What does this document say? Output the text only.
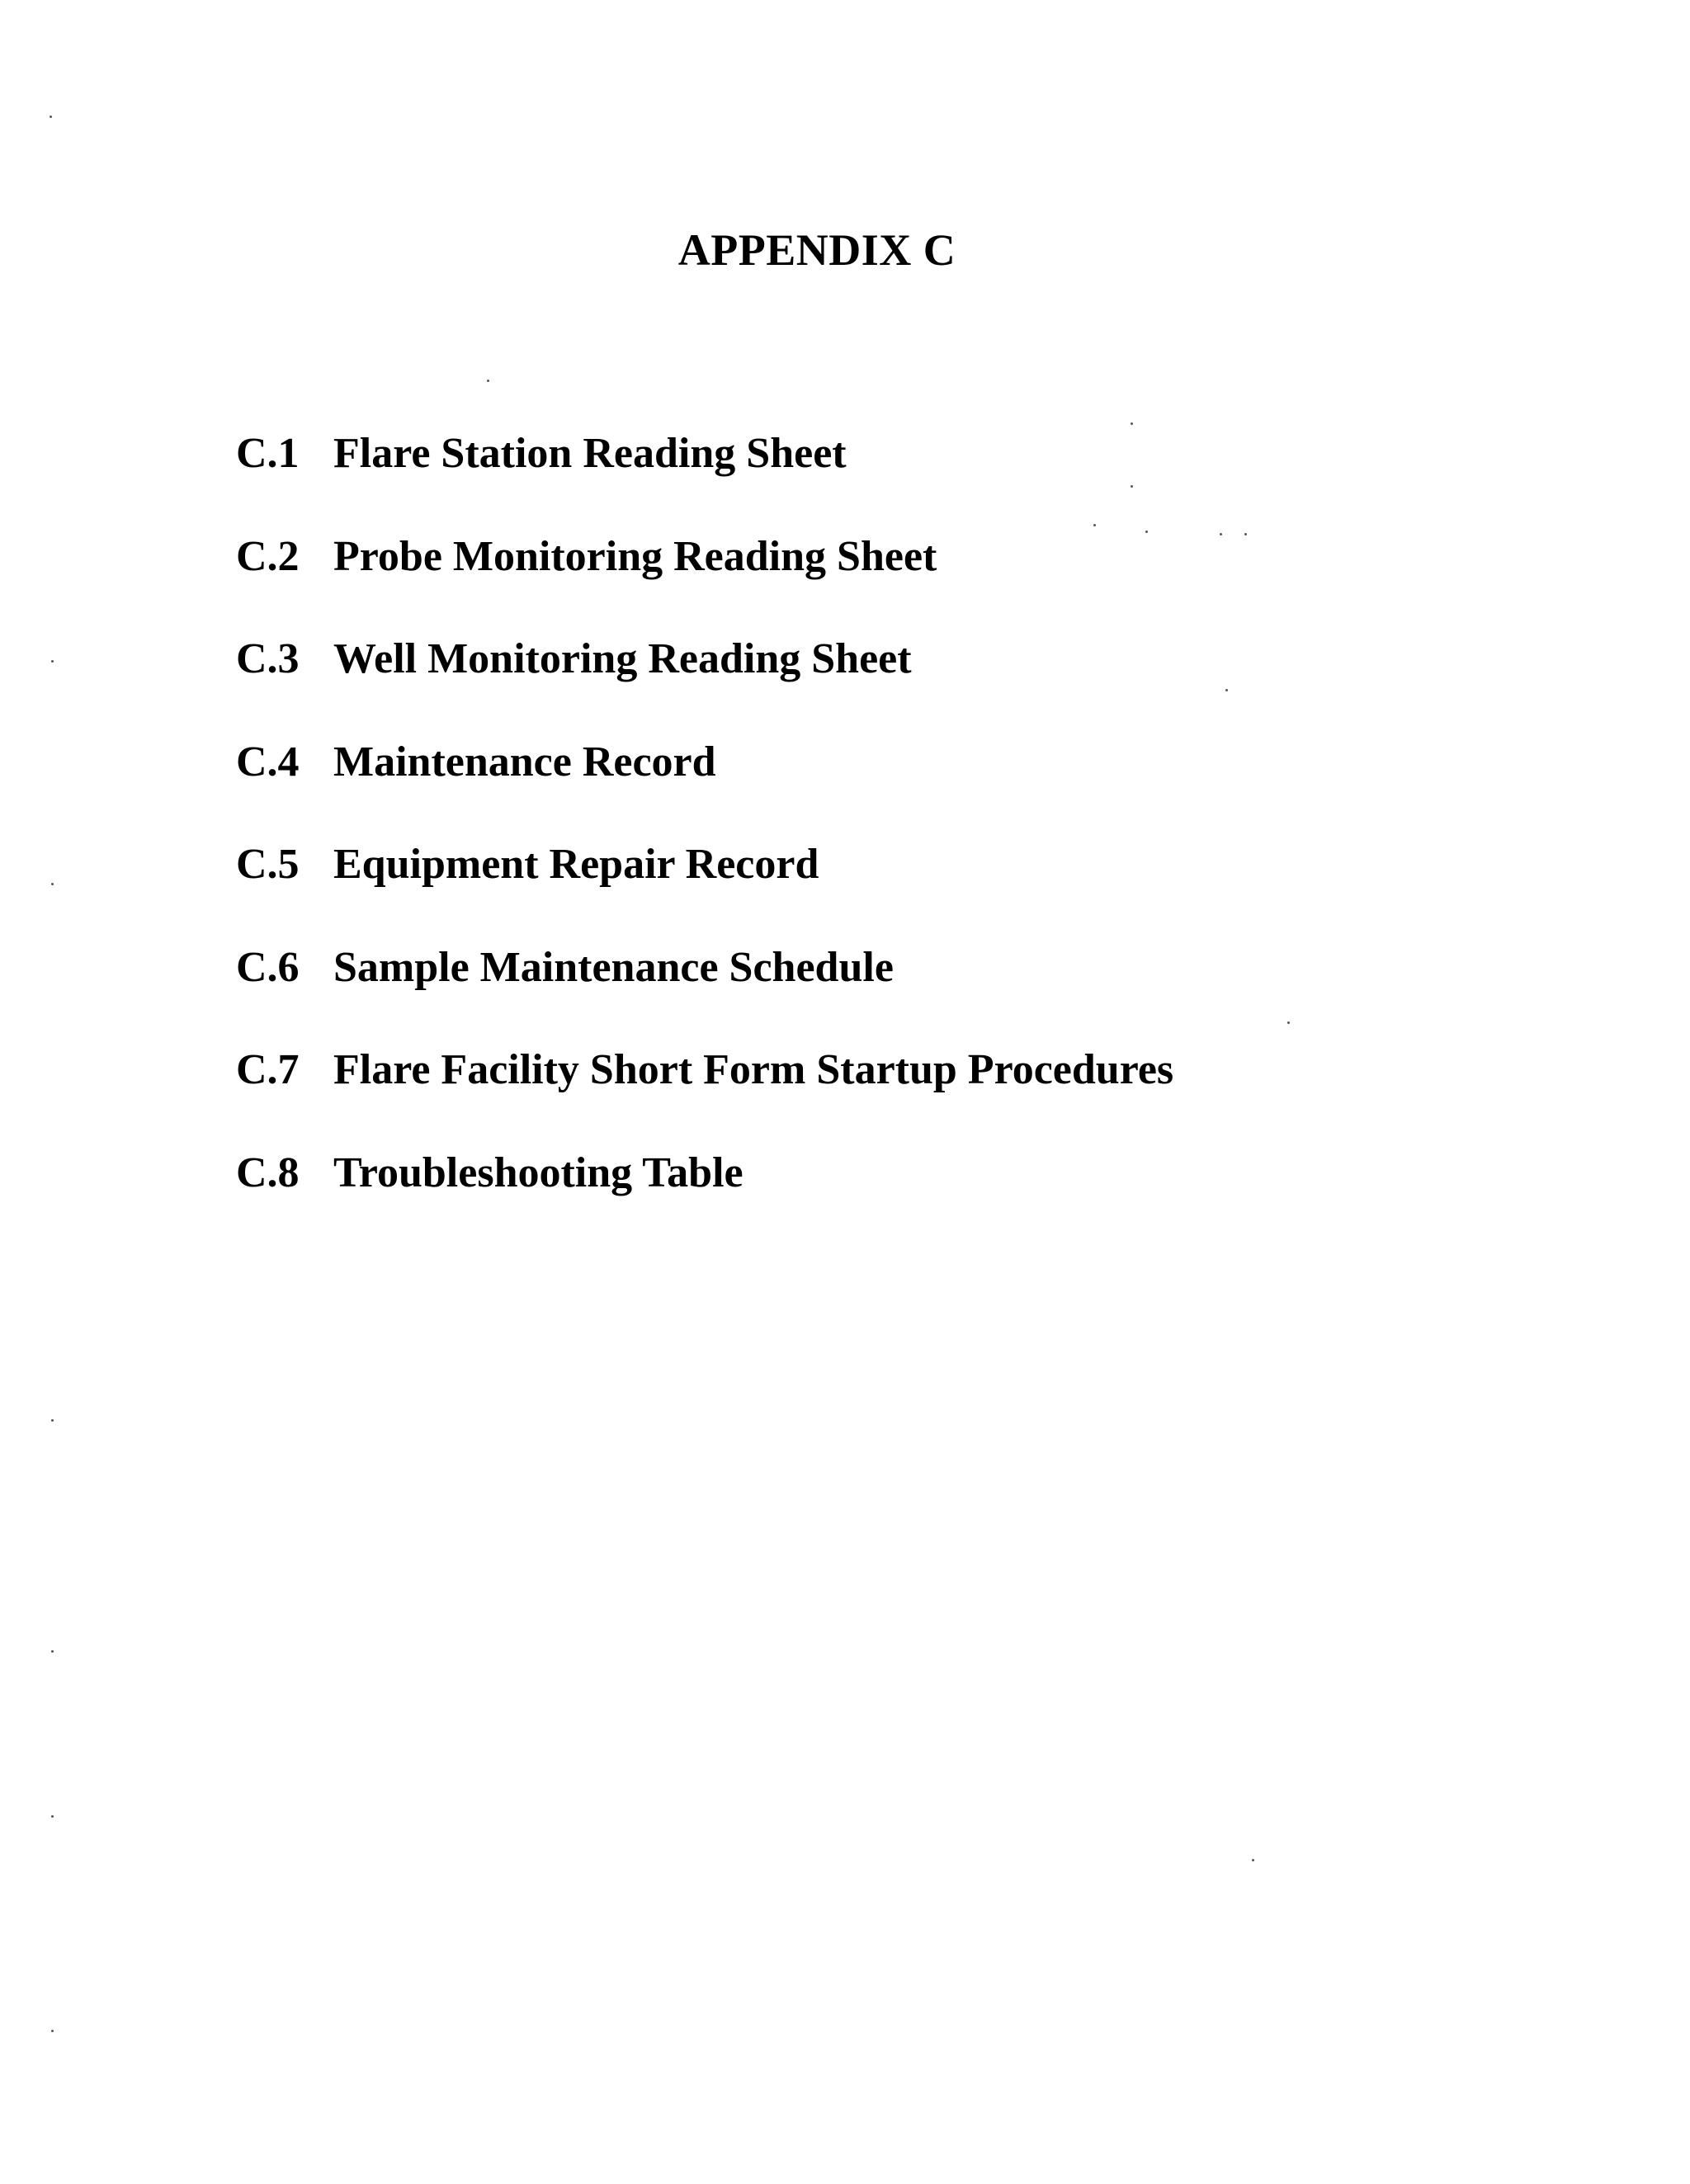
APPENDIX C
C.1 Flare Station Reading Sheet
C.2 Probe Monitoring Reading Sheet
C.3 Well Monitoring Reading Sheet
C.4 Maintenance Record
C.5 Equipment Repair Record
C.6 Sample Maintenance Schedule
C.7 Flare Facility Short Form Startup Procedures
C.8 Troubleshooting Table
